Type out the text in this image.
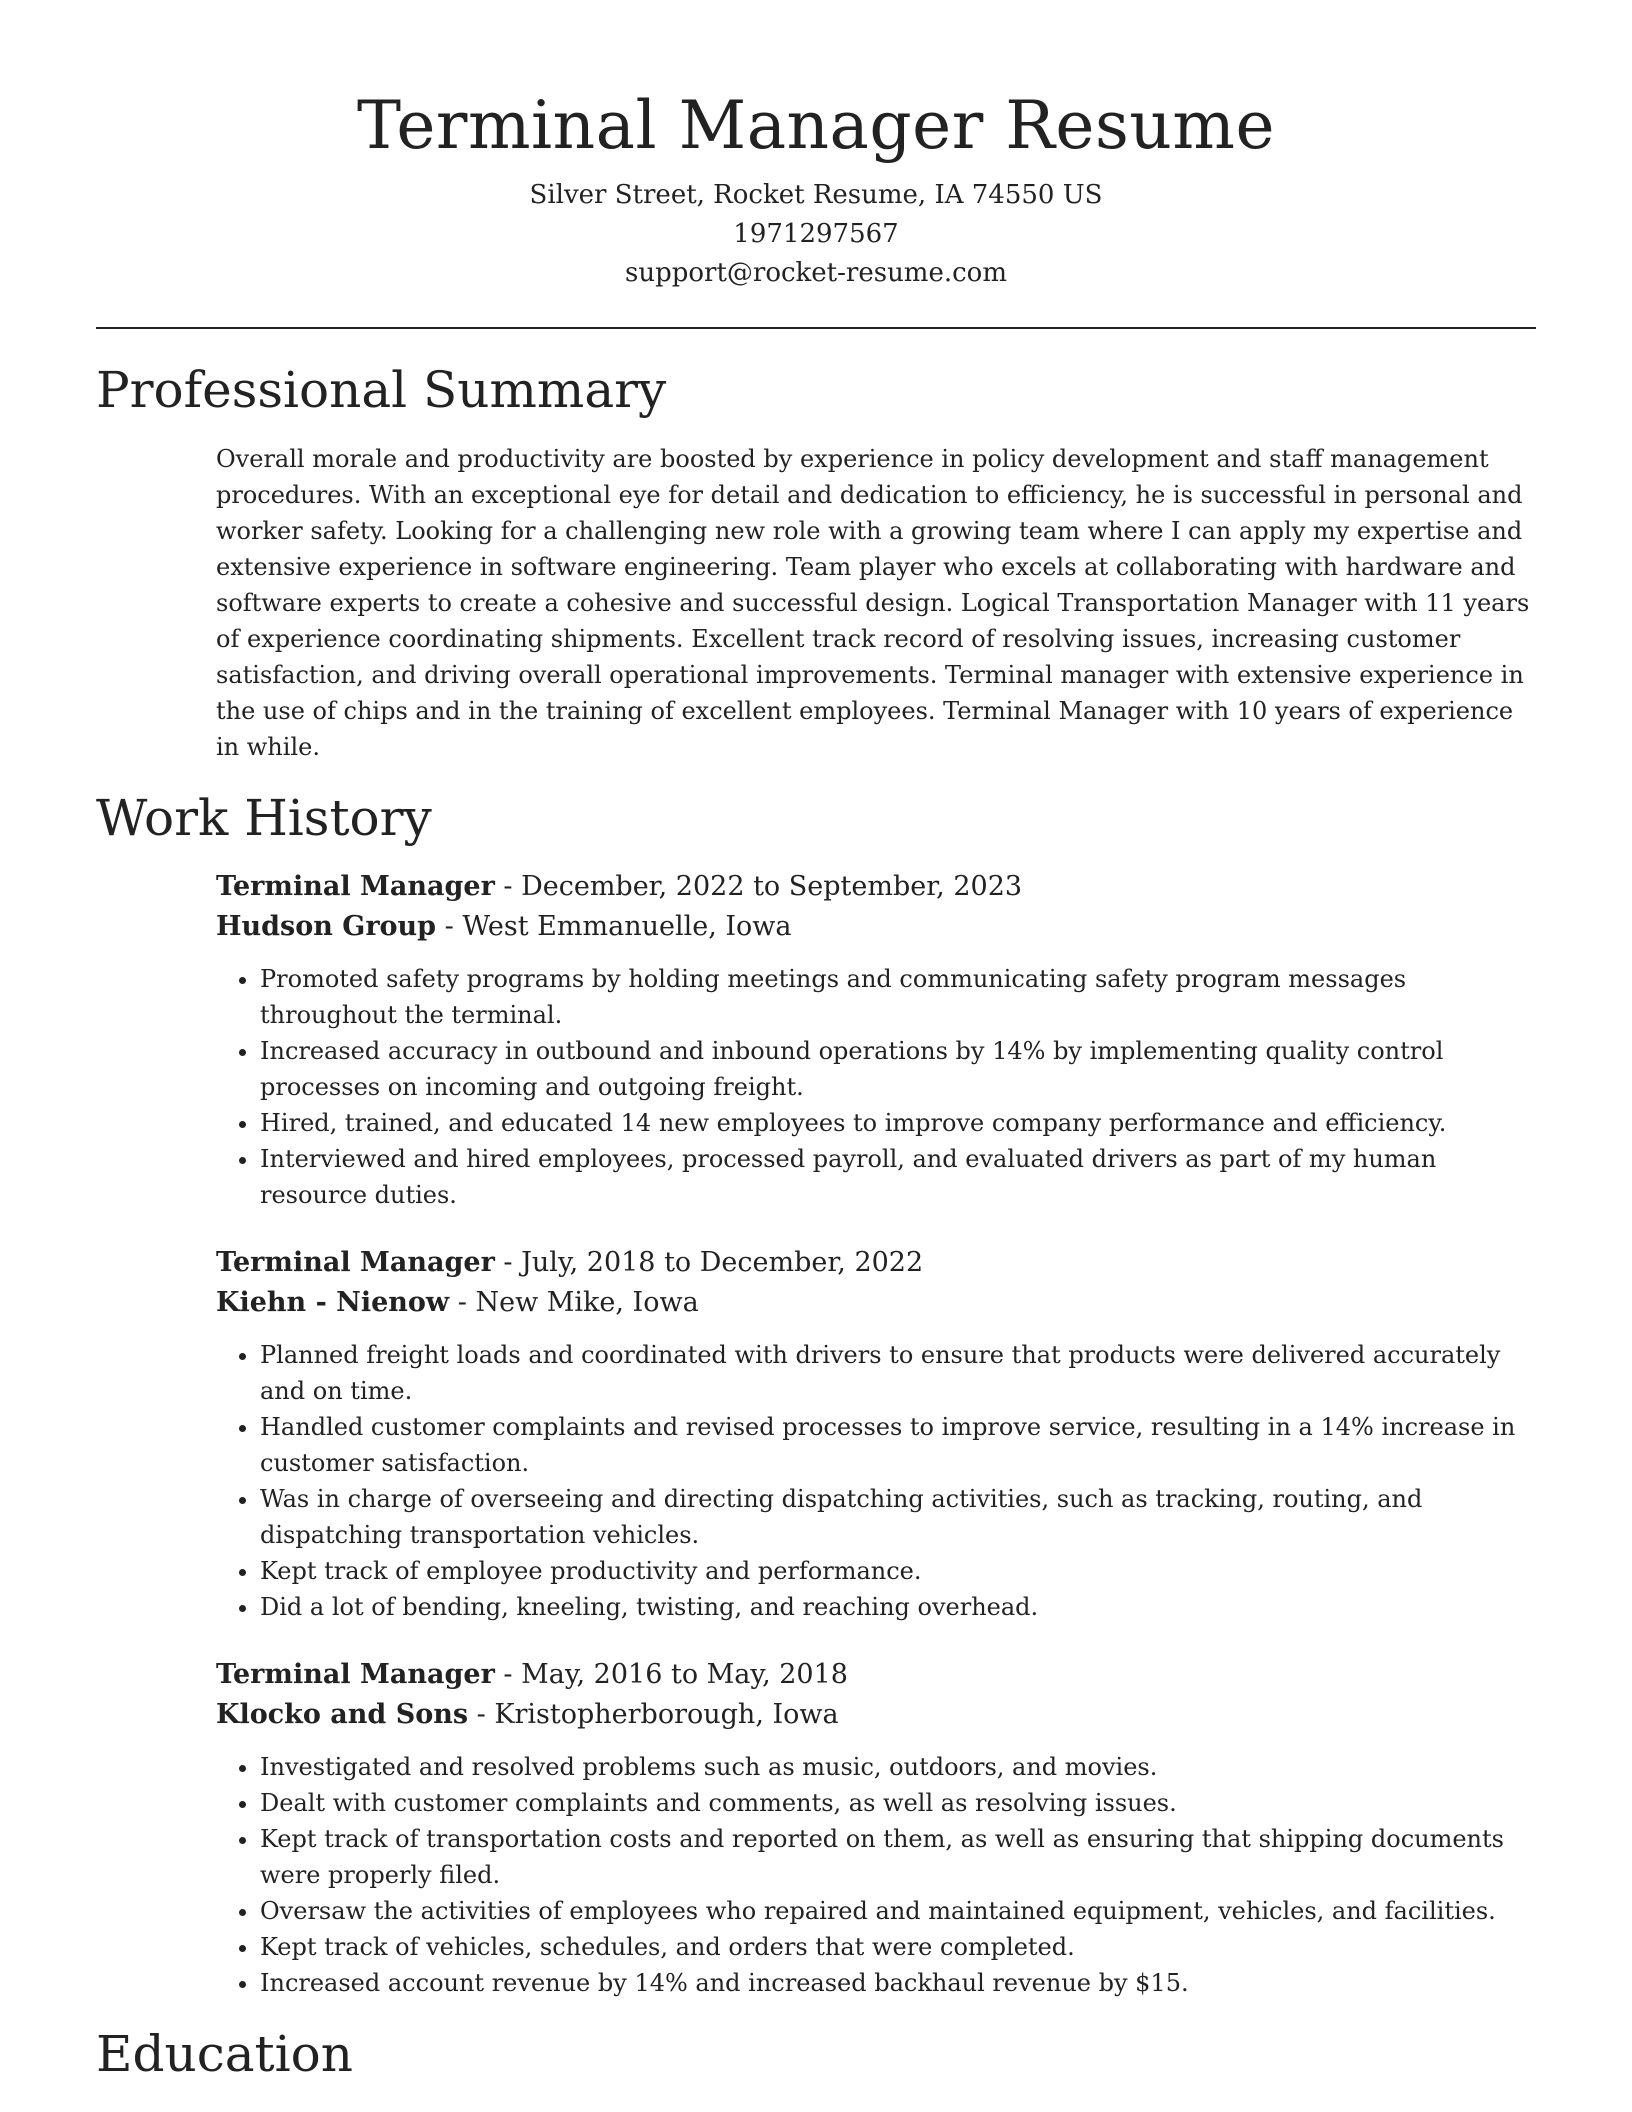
Terminal Manager Resume
Silver Street, Rocket Resume, IA 74550 US
1971297567
support@rocket-resume.com
Professional Summary
Overall morale and productivity are boosted by experience in policy development and staff management procedures. With an exceptional eye for detail and dedication to efficiency, he is successful in personal and worker safety. Looking for a challenging new role with a growing team where I can apply my expertise and extensive experience in software engineering. Team player who excels at collaborating with hardware and software experts to create a cohesive and successful design. Logical Transportation Manager with 11 years of experience coordinating shipments. Excellent track record of resolving issues, increasing customer satisfaction, and driving overall operational improvements. Terminal manager with extensive experience in the use of chips and in the training of excellent employees. Terminal Manager with 10 years of experience in while.
Work History
Terminal Manager - December, 2022 to September, 2023
Hudson Group - West Emmanuelle, Iowa
• Promoted safety programs by holding meetings and communicating safety program messages throughout the terminal.
• Increased accuracy in outbound and inbound operations by 14% by implementing quality control processes on incoming and outgoing freight.
• Hired, trained, and educated 14 new employees to improve company performance and efficiency.
• Interviewed and hired employees, processed payroll, and evaluated drivers as part of my human resource duties.
Terminal Manager - July, 2018 to December, 2022
Kiehn - Nienow - New Mike, Iowa
• Planned freight loads and coordinated with drivers to ensure that products were delivered accurately and on time.
• Handled customer complaints and revised processes to improve service, resulting in a 14% increase in customer satisfaction.
• Was in charge of overseeing and directing dispatching activities, such as tracking, routing, and dispatching transportation vehicles.
• Kept track of employee productivity and performance.
• Did a lot of bending, kneeling, twisting, and reaching overhead.
Terminal Manager - May, 2016 to May, 2018
Klocko and Sons - Kristopherborough, Iowa
• Investigated and resolved problems such as music, outdoors, and movies.
• Dealt with customer complaints and comments, as well as resolving issues.
• Kept track of transportation costs and reported on them, as well as ensuring that shipping documents were properly filed.
• Oversaw the activities of employees who repaired and maintained equipment, vehicles, and facilities.
• Kept track of vehicles, schedules, and orders that were completed.
• Increased account revenue by 14% and increased backhaul revenue by $15.
Education
